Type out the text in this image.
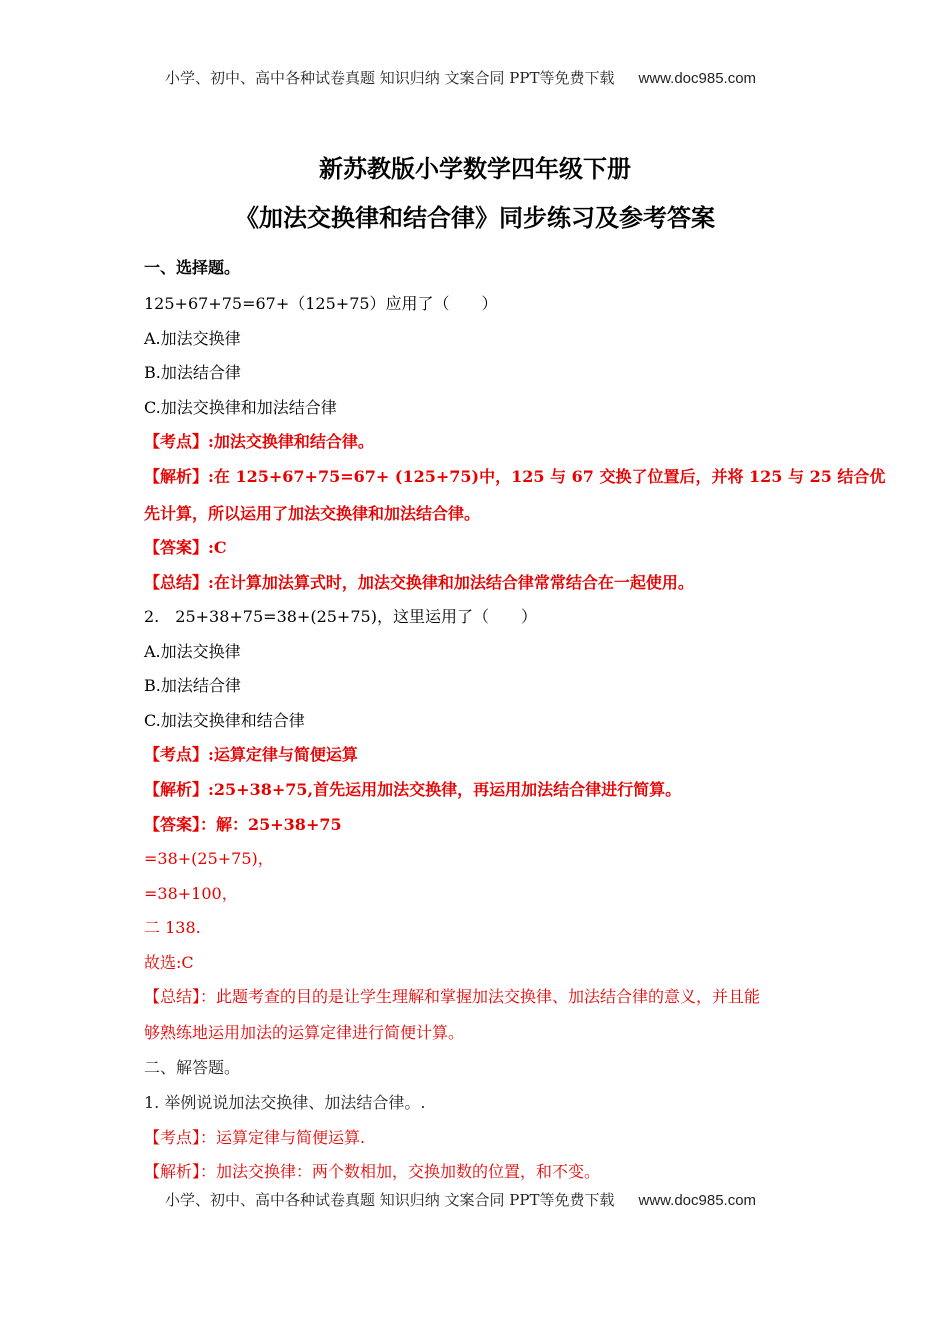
小学、初中、高中各种试卷真题 知识归纳 文案合同 PPT等免费下载 www.doc985.com
新苏教版小学数学四年级下册
《加法交换律和结合律》同步练习及参考答案
一、选择题。
125+67+75=67+（125+75）应用了（　　）
A.加法交换律
B.加法结合律
C.加法交换律和加法结合律
【考点】:加法交换律和结合律。
【解析】:在 125+67+75=67+ (125+75)中，125 与 67 交换了位置后，并将 125 与 25 结合优
先计算，所以运用了加法交换律和加法结合律。
【答案】:C
【总结】:在计算加法算式时，加法交换律和加法结合律常常结合在一起使用。
2.　25+38+75=38+(25+75)，这里运用了（　　）
A.加法交换律
B.加法结合律
C.加法交换律和结合律
【考点】:运算定律与简便运算
【解析】:25+38+75,首先运用加法交换律，再运用加法结合律进行简算。
【答案】：解：25+38+75
=38+(25+75)，
=38+100，
二 138.
故选:C
【总结】：此题考查的目的是让学生理解和掌握加法交换律、加法结合律的意义，并且能
够熟练地运用加法的运算定律进行简便计算。
二、解答题。
1. 举例说说加法交换律、加法结合律。.
【考点】：运算定律与简便运算.
【解析】：加法交换律：两个数相加，交换加数的位置，和不变。
小学、初中、高中各种试卷真题 知识归纳 文案合同 PPT等免费下载 www.doc985.com
